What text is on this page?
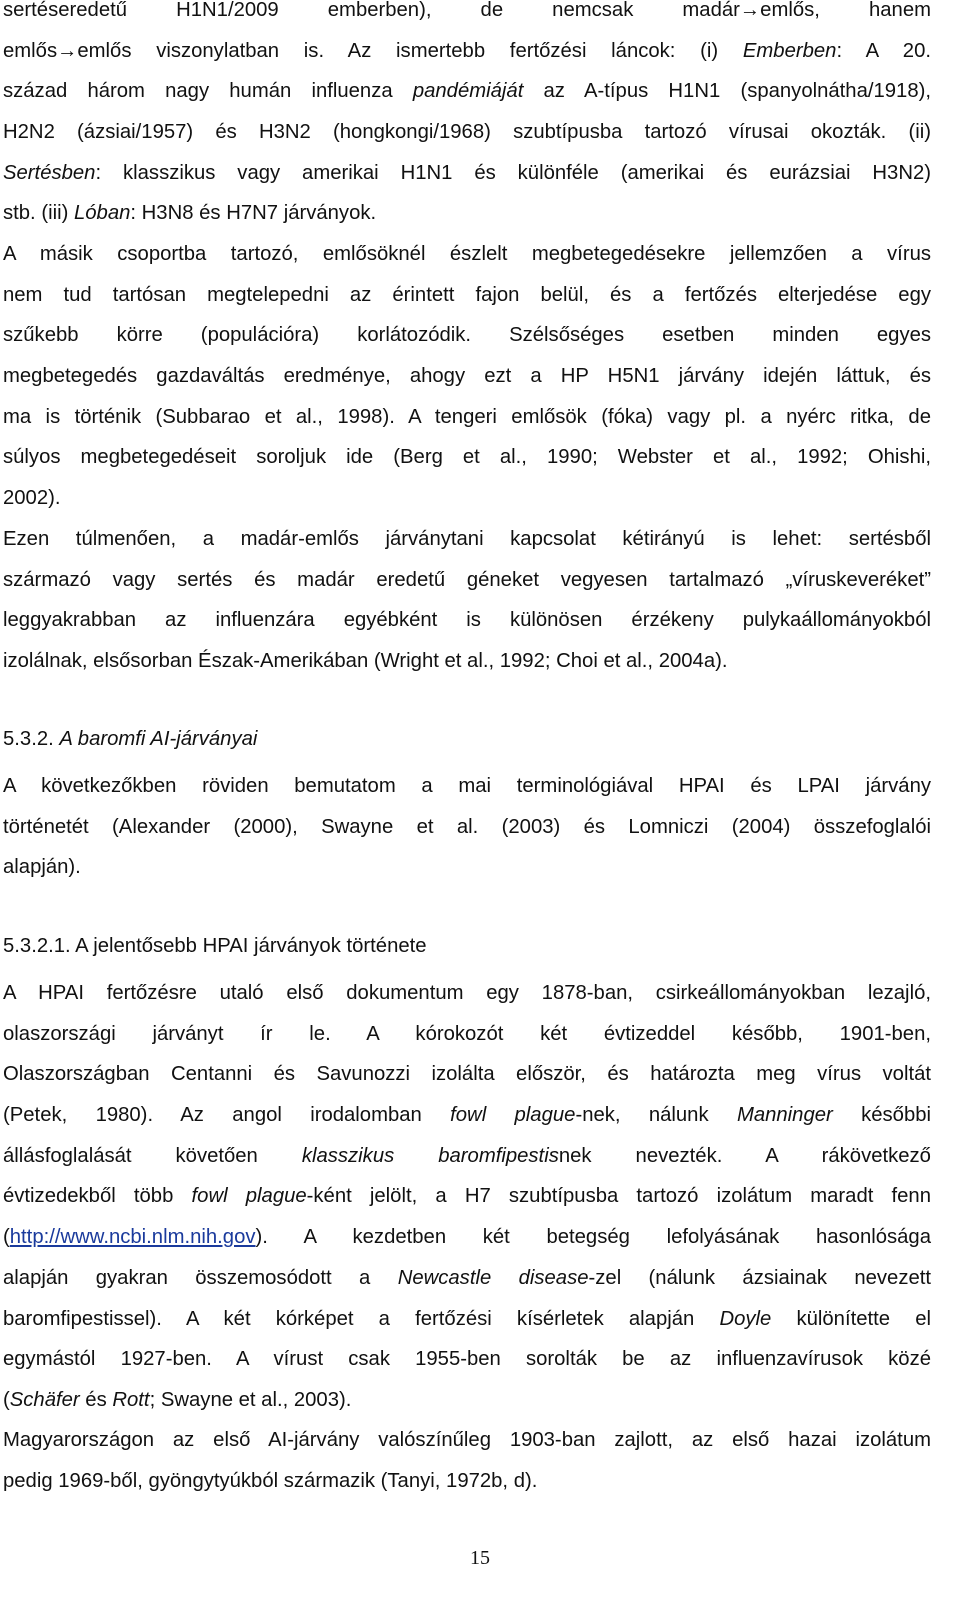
sertéseredetű H1N1/2009 emberben), de nemcsak madár→emlős, hanem
emlős→emlős viszonylatban is. Az ismertebb fertőzési láncok: (i) Emberben: A 20.
század három nagy humán influenza pandémiáját az A-típus H1N1 (spanyolnátha/1918),
H2N2 (ázsiai/1957) és H3N2 (hongkongi/1968) szubtípusba tartozó vírusai okozták. (ii)
Sertésben: klasszikus vagy amerikai H1N1 és különféle (amerikai és eurázsiai H3N2)
stb. (iii) Lóban: H3N8 és H7N7 járványok.
A másik csoportba tartozó, emlősöknél észlelt megbetegedésekre jellemzően a vírus
nem tud tartósan megtelepedni az érintett fajon belül, és a fertőzés elterjedése egy
szűkebb körre (populációra) korlátozódik. Szélsőséges esetben minden egyes
megbetegedés gazdaváltás eredménye, ahogy ezt a HP H5N1 járvány idején láttuk, és
ma is történik (Subbarao et al., 1998). A tengeri emlősök (fóka) vagy pl. a nyérc ritka, de
súlyos megbetegedéseit soroljuk ide (Berg et al., 1990; Webster et al., 1992; Ohishi,
2002).
Ezen túlmenően, a madár-emlős járványtani kapcsolat kétirányú is lehet: sertésből
származó vagy sertés és madár eredetű géneket vegyesen tartalmazó „víruskeveréket”
leggyakrabban az influenzára egyébként is különösen érzékeny pulykaállományokból
izolálnak, elsősorban Észak-Amerikában (Wright et al., 1992; Choi et al., 2004a).
5.3.2. A baromfi AI-járványai
A következőkben röviden bemutatom a mai terminológiával HPAI és LPAI járvány
történetét (Alexander (2000), Swayne et al. (2003) és Lomniczi (2004) összefoglalói
alapján).
5.3.2.1. A jelentősebb HPAI járványok története
A HPAI fertőzésre utaló első dokumentum egy 1878-ban, csirkeállományokban lezajló,
olaszországi járványt ír le. A kórokozót két évtizeddel később, 1901-ben,
Olaszországban Centanni és Savunozzi izolálta először, és határozta meg vírus voltát
(Petek, 1980). Az angol irodalomban fowl plague-nek, nálunk Manninger későbbi
állásfoglalását követően klasszikus baromfipestisnek nevezték. A rákövetkező
évtizedekből több fowl plague-ként jelölt, a H7 szubtípusba tartozó izolátum maradt fenn
(http://www.ncbi.nlm.nih.gov). A kezdetben két betegség lefolyásának hasonlósága
alapján gyakran összemosódott a Newcastle disease-zel (nálunk ázsiainak nevezett
baromfipestissel). A két kórképet a fertőzési kísérletek alapján Doyle különítette el
egymástól 1927-ben. A vírust csak 1955-ben sorolták be az influenzavírusok közé
(Schäfer és Rott; Swayne et al., 2003).
Magyarországon az első AI-járvány valószínűleg 1903-ban zajlott, az első hazai izolátum
pedig 1969-ből, gyöngytyúkból származik (Tanyi, 1972b, d).
15
